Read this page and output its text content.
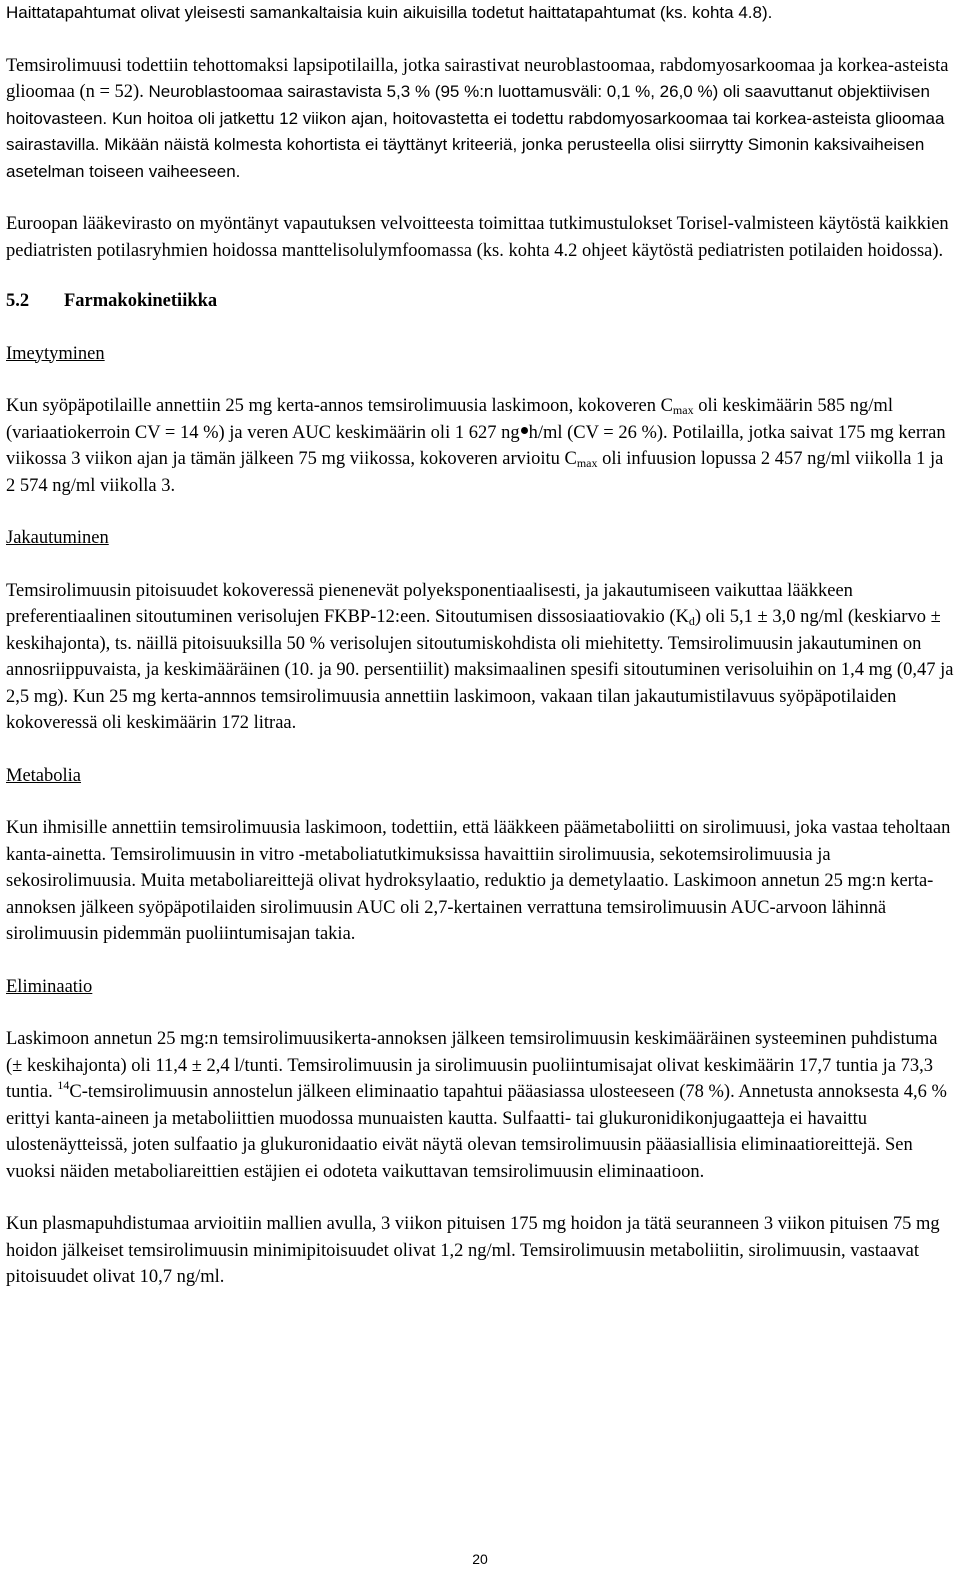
Haittatapahtumat olivat yleisesti samankaltaisia kuin aikuisilla todetut haittatapahtumat (ks. kohta 4.8).

Temsirolimuusi todettiin tehottomaksi lapsipotilailla, jotka sairastivat neuroblastoomaa, rabdomyosarkoomaa ja korkea-asteista glioomaa (n = 52). Neuroblastoomaa sairastavista 5,3 % (95 %:n luottamusväli: 0,1 %, 26,0 %) oli saavuttanut objektiivisen hoitovasteen. Kun hoitoa oli jatkettu 12 viikon ajan, hoitovastetta ei todettu rabdomyosarkoomaa tai korkea-asteista glioomaa sairastavilla. Mikään näistä kolmesta kohortista ei täyttänyt kriteeriä, jonka perusteella olisi siirrytty Simonin kaksivaiheisen asetelman toiseen vaiheeseen.

Euroopan lääkevirasto on myöntänyt vapautuksen velvoitteesta toimittaa tutkimustulokset Torisel-valmisteen käytöstä kaikkien pediatristen potilasryhmien hoidossa manttelisolulymfoomassa (ks. kohta 4.2 ohjeet käytöstä pediatristen potilaiden hoidossa).

5.2 Farmakokinetiikka
Imeytyminen

Kun syöpäpotilaille annettiin 25 mg kerta-annos temsirolimuusia laskimoon, kokoveren $C_{max}$ oli keskimäärin 585 ng/ml (variaatiokerroin CV = 14 %) ja veren AUC keskimäärin oli 1 627 ng h/ml (CV = 26 %). Potilailla, jotka saivat 175 mg kerran viikossa 3 viikon ajan ja tämän jälkeen 75 mg viikossa, kokoveren arvioitu $C_{max}$ oli infuusion lopussa 2 457 ng/ml viikolla 1 ja 2 574 ng/ml viikolla 3.

Jakautuminen

Temsirolimuusin pitoisuudet kokoveressä pienenevät polyeksponentiaalisesti, ja jakautumiseen vaikuttaa lääkkeen preferentiaalinen sitoutuminen verisolujen FKBP-12:een. Sitoutumisen dissosiaatiovakio $(K_d)$ oli 5,1 ± 3,0 ng/ml (keskiarvo ± keskihajonta), ts. näillä pitoisuuksilla 50 % verisolujen sitoutumiskohdista oli miehitetty. Temsirolimuusin jakautuminen on annosriippuvaista, ja keskimääräinen (10. ja 90. persentiilit) maksimaalinen spesifi sitoutuminen verisoluihin on 1,4 mg (0,47 ja 2,5 mg). Kun 25 mg kerta-annnos temsirolimuusia annettiin laskimoon, vakaan tilan jakautumistilavuus syöpäpotilaiden kokoveressä oli keskimäärin 172 litraa.

Metabolia

Kun ihmisille annettiin temsirolimuusia laskimoon, todettiin, että lääkkeen päämetaboliitti on sirolimuusi, joka vastaa teholtaan kanta-ainetta. Temsirolimuusin in vitro -metaboliatutkimuksissa havaittiin sirolimuusia, sekotemsirolimuusia ja sekosirolimuusia. Muita metaboliareittejä olivat hydroksylaatio, reduktio ja demetylaatio. Laskimoon annetun 25 mg:n kerta-annoksen jälkeen syöpäpotilaiden sirolimuusin AUC oli 2,7-kertainen verrattuna temsirolimuusin AUC-arvoon lähinnä sirolimuusin pidemmän puoliintumisajan takia.

Eliminaatio

Laskimoon annetun 25 mg:n temsirolimuusikerta-annoksen jälkeen temsirolimuusin keskimääräinen systeeminen puhdistuma (± keskihajonta) oli 11,4 ± 2,4 l/tunti. Temsirolimuusin ja sirolimuusin puoliintumisajat olivat keskimäärin 17,7 tuntia ja 73,3 tuntia. $^{14}$C-temsirolimuusin annostelun jälkeen eliminaatio tapahtui pääasiassa ulosteeseen (78 %). Annetusta annoksesta 4,6 % erittyi kanta-aineen ja metaboliittien muodossa munuaisten kautta. Sulfaatti- tai glukuronidikonjugaatteja ei havaittu ulostenäytteissä, joten sulfaatio ja glukuronidaatio eivät näytä olevan temsirolimuusin pääasiallisia eliminaatioreittejä. Sen vuoksi näiden metaboliareittien estäjien ei odoteta vaikuttavan temsirolimuusin eliminaatioon.

Kun plasmapuhdistumaa arvioitiin mallien avulla, 3 viikon pituisen 175 mg hoidon ja tätä seuranneen 3 viikon pituisen 75 mg hoidon jälkeiset temsirolimuusin minimipitoisuudet olivat 1,2 ng/ml. Temsirolimuusin metaboliitin, sirolimuusin, vastaavat pitoisuudet olivat 10,7 ng/ml.

20
